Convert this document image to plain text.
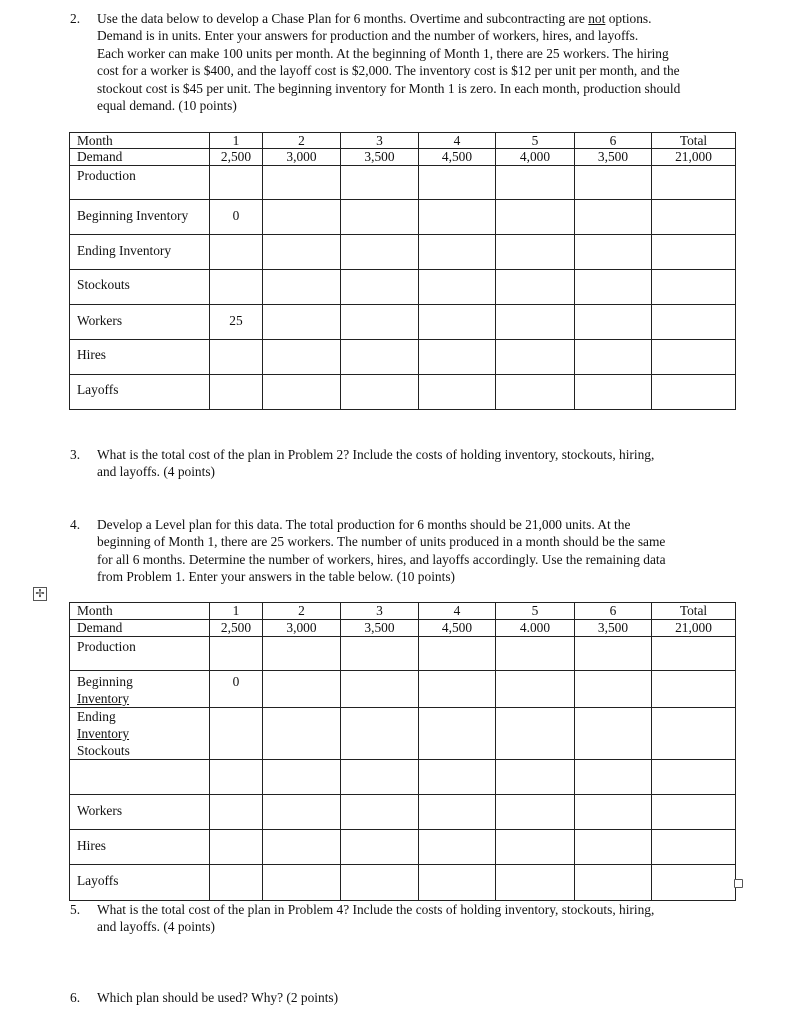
2. Use the data below to develop a Chase Plan for 6 months. Overtime and subcontracting are not options.
Demand is in units. Enter your answers for production and the number of workers, hires, and layoffs.
Each worker can make 100 units per month. At the beginning of Month 1, there are 25 workers. The hiring
cost for a worker is $400, and the layoff cost is $2,000. The inventory cost is $12 per unit per month, and the
stockout cost is $45 per unit. The beginning inventory for Month 1 is zero. In each month, production should
equal demand. (10 points)
Month	1	2	3	4	5	6	Total
Demand	2,500	3,000	3,500	4,500	4,000	3,500	21,000
Production							
Beginning Inventory	0						
Ending Inventory							
Stockouts							
Workers	25						
Hires							
Layoffs							
3. What is the total cost of the plan in Problem 2? Include the costs of holding inventory, stockouts, hiring,
and layoffs. (4 points)
4. Develop a Level plan for this data. The total production for 6 months should be 21,000 units. At the
beginning of Month 1, there are 25 workers. The number of units produced in a month should be the same
for all 6 months. Determine the number of workers, hires, and layoffs accordingly. Use the remaining data
from Problem 1. Enter your answers in the table below. (10 points)
✢
Month	1	2	3	4	5	6	Total
Demand	2,500	3,000	3,500	4,500	4.000	3,500	21,000
Production							

Beginning
Inventory	0						

Ending
Inventory
Stockouts							

Workers							
Hires							
Layoffs							
5. What is the total cost of the plan in Problem 4? Include the costs of holding inventory, stockouts, hiring,
and layoffs. (4 points)
6. Which plan should be used? Why? (2 points)
